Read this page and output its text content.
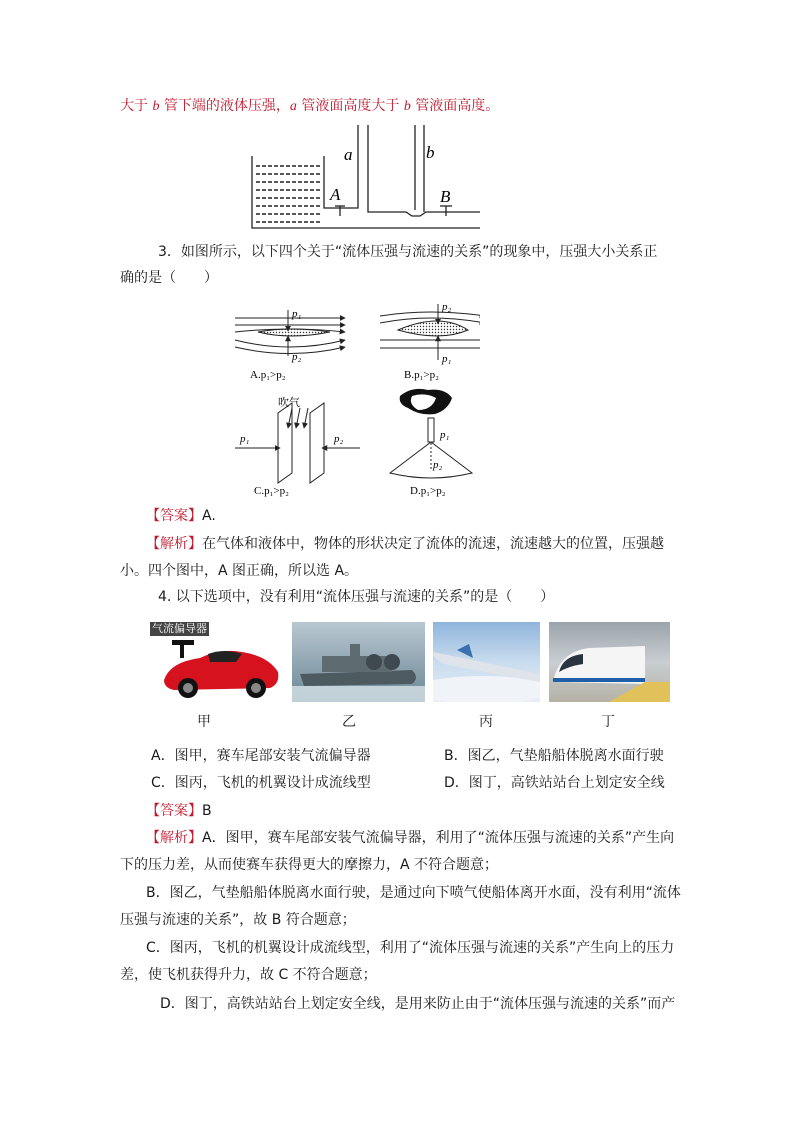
大于 b 管下端的液体压强，a 管液面高度大于 b 管液面高度。
a	b
A	B
3．如图所示，以下四个关于“流体压强与流速的关系”的现象中，压强大小关系正
确的是（　　）
p₁
p₂
p₂
p₁
A.p₁>p₂	B.p₁>p₂
吹气
p₁	p₂	p₁
p₂
C.p₁>p₂	D.p₁>p₂
【答案】A.
【解析】在气体和液体中，物体的形状决定了流体的流速，流速越大的位置，压强越
小。四个图中，A 图正确，所以选 A。
4. 以下选项中，没有利用“流体压强与流速的关系”的是（　　）
气流偏导器
甲	乙	丙	丁
A．图甲，赛车尾部安装气流偏导器	B．图乙，气垫船船体脱离水面行驶
C．图丙，飞机的机翼设计成流线型	D．图丁，高铁站站台上划定安全线
【答案】B
【解析】A．图甲，赛车尾部安装气流偏导器，利用了“流体压强与流速的关系”产生向
下的压力差，从而使赛车获得更大的摩擦力，A 不符合题意；
B．图乙，气垫船船体脱离水面行驶，是通过向下喷气使船体离开水面，没有利用“流体
压强与流速的关系”，故 B 符合题意；
C．图丙，飞机的机翼设计成流线型，利用了“流体压强与流速的关系”产生向上的压力
差，使飞机获得升力，故 C 不符合题意；
D．图丁，高铁站站台上划定安全线，是用来防止由于“流体压强与流速的关系”而产
